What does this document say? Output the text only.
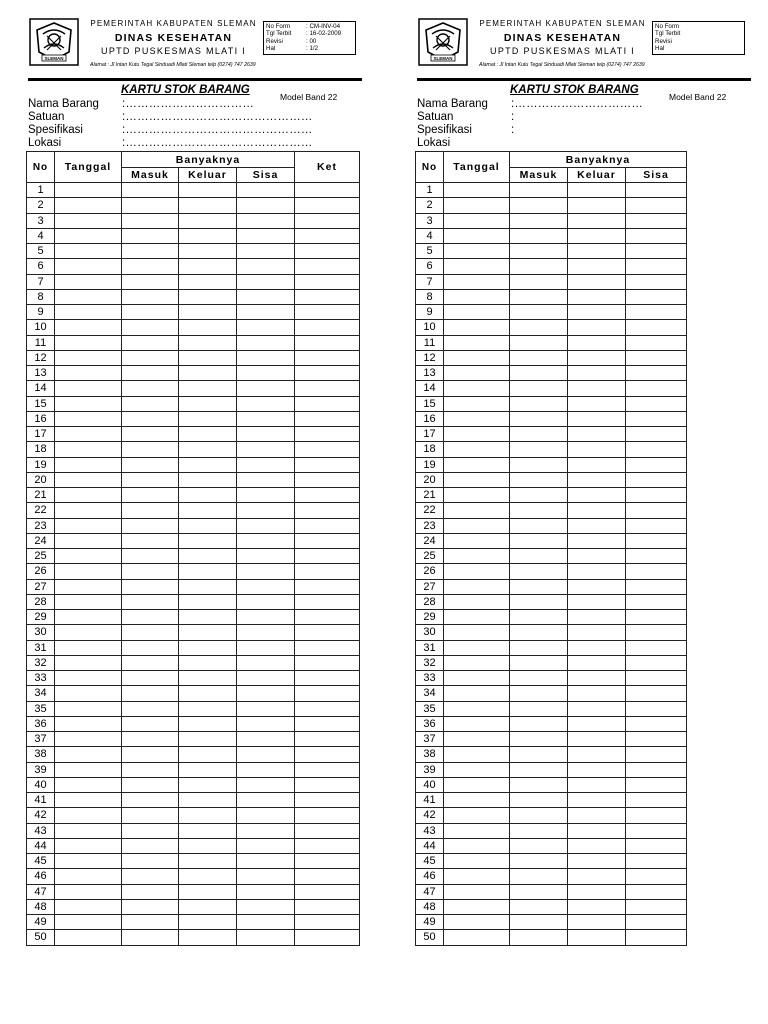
SLEMAN
PEMERINTAH KABUPATEN SLEMAN
DINAS KESEHATAN
UPTD PUSKESMAS MLATI I
No Form	: CM-INV-04
Tgl Terbit	: 16-02-2009
Revisi	: 00
Hal	: 1/2
Alamat : Jl Intan Kutu Tegal Sinduadi Mlati Sleman telp (0274) 747 2639
KARTU STOK BARANG
Model Band 22
Nama Barang	:……………………………
Satuan	:…………………………………………
Spesifikasi	:…………………………………………
Lokasi	:…………………………………………
No	Tanggal	Banyaknya			Ket
		Masuk	Keluar	Sisa	
1					
2					
3					
4					
5					
6					
7					
8					
9					
10					
11					
12					
13					
14					
15					
16					
17					
18					
19					
20					
21					
22					
23					
24					
25					
26					
27					
28					
29					
30					
31					
32					
33					
34					
35					
36					
37					
38					
39					
40					
41					
42					
43					
44					
45					
46					
47					
48					
49					
50					
SLEMAN
PEMERINTAH KABUPATEN SLEMAN
DINAS KESEHATAN
UPTD PUSKESMAS MLATI I
No Form
Tgl Terbit
Revisi
Hal
Alamat : Jl Intan Kutu Tegal Sinduadi Mlati Sleman telp (0274) 747 2639
KARTU STOK BARANG
Model Band 22
Nama Barang	:……………………………
Satuan	:
Spesifikasi	:
Lokasi
No	Tanggal	Banyaknya		
		Masuk	Keluar	Sisa
1				
2				
3				
4				
5				
6				
7				
8				
9				
10				
11				
12				
13				
14				
15				
16				
17				
18				
19				
20				
21				
22				
23				
24				
25				
26				
27				
28				
29				
30				
31				
32				
33				
34				
35				
36				
37				
38				
39				
40				
41				
42				
43				
44				
45				
46				
47				
48				
49				
50				
